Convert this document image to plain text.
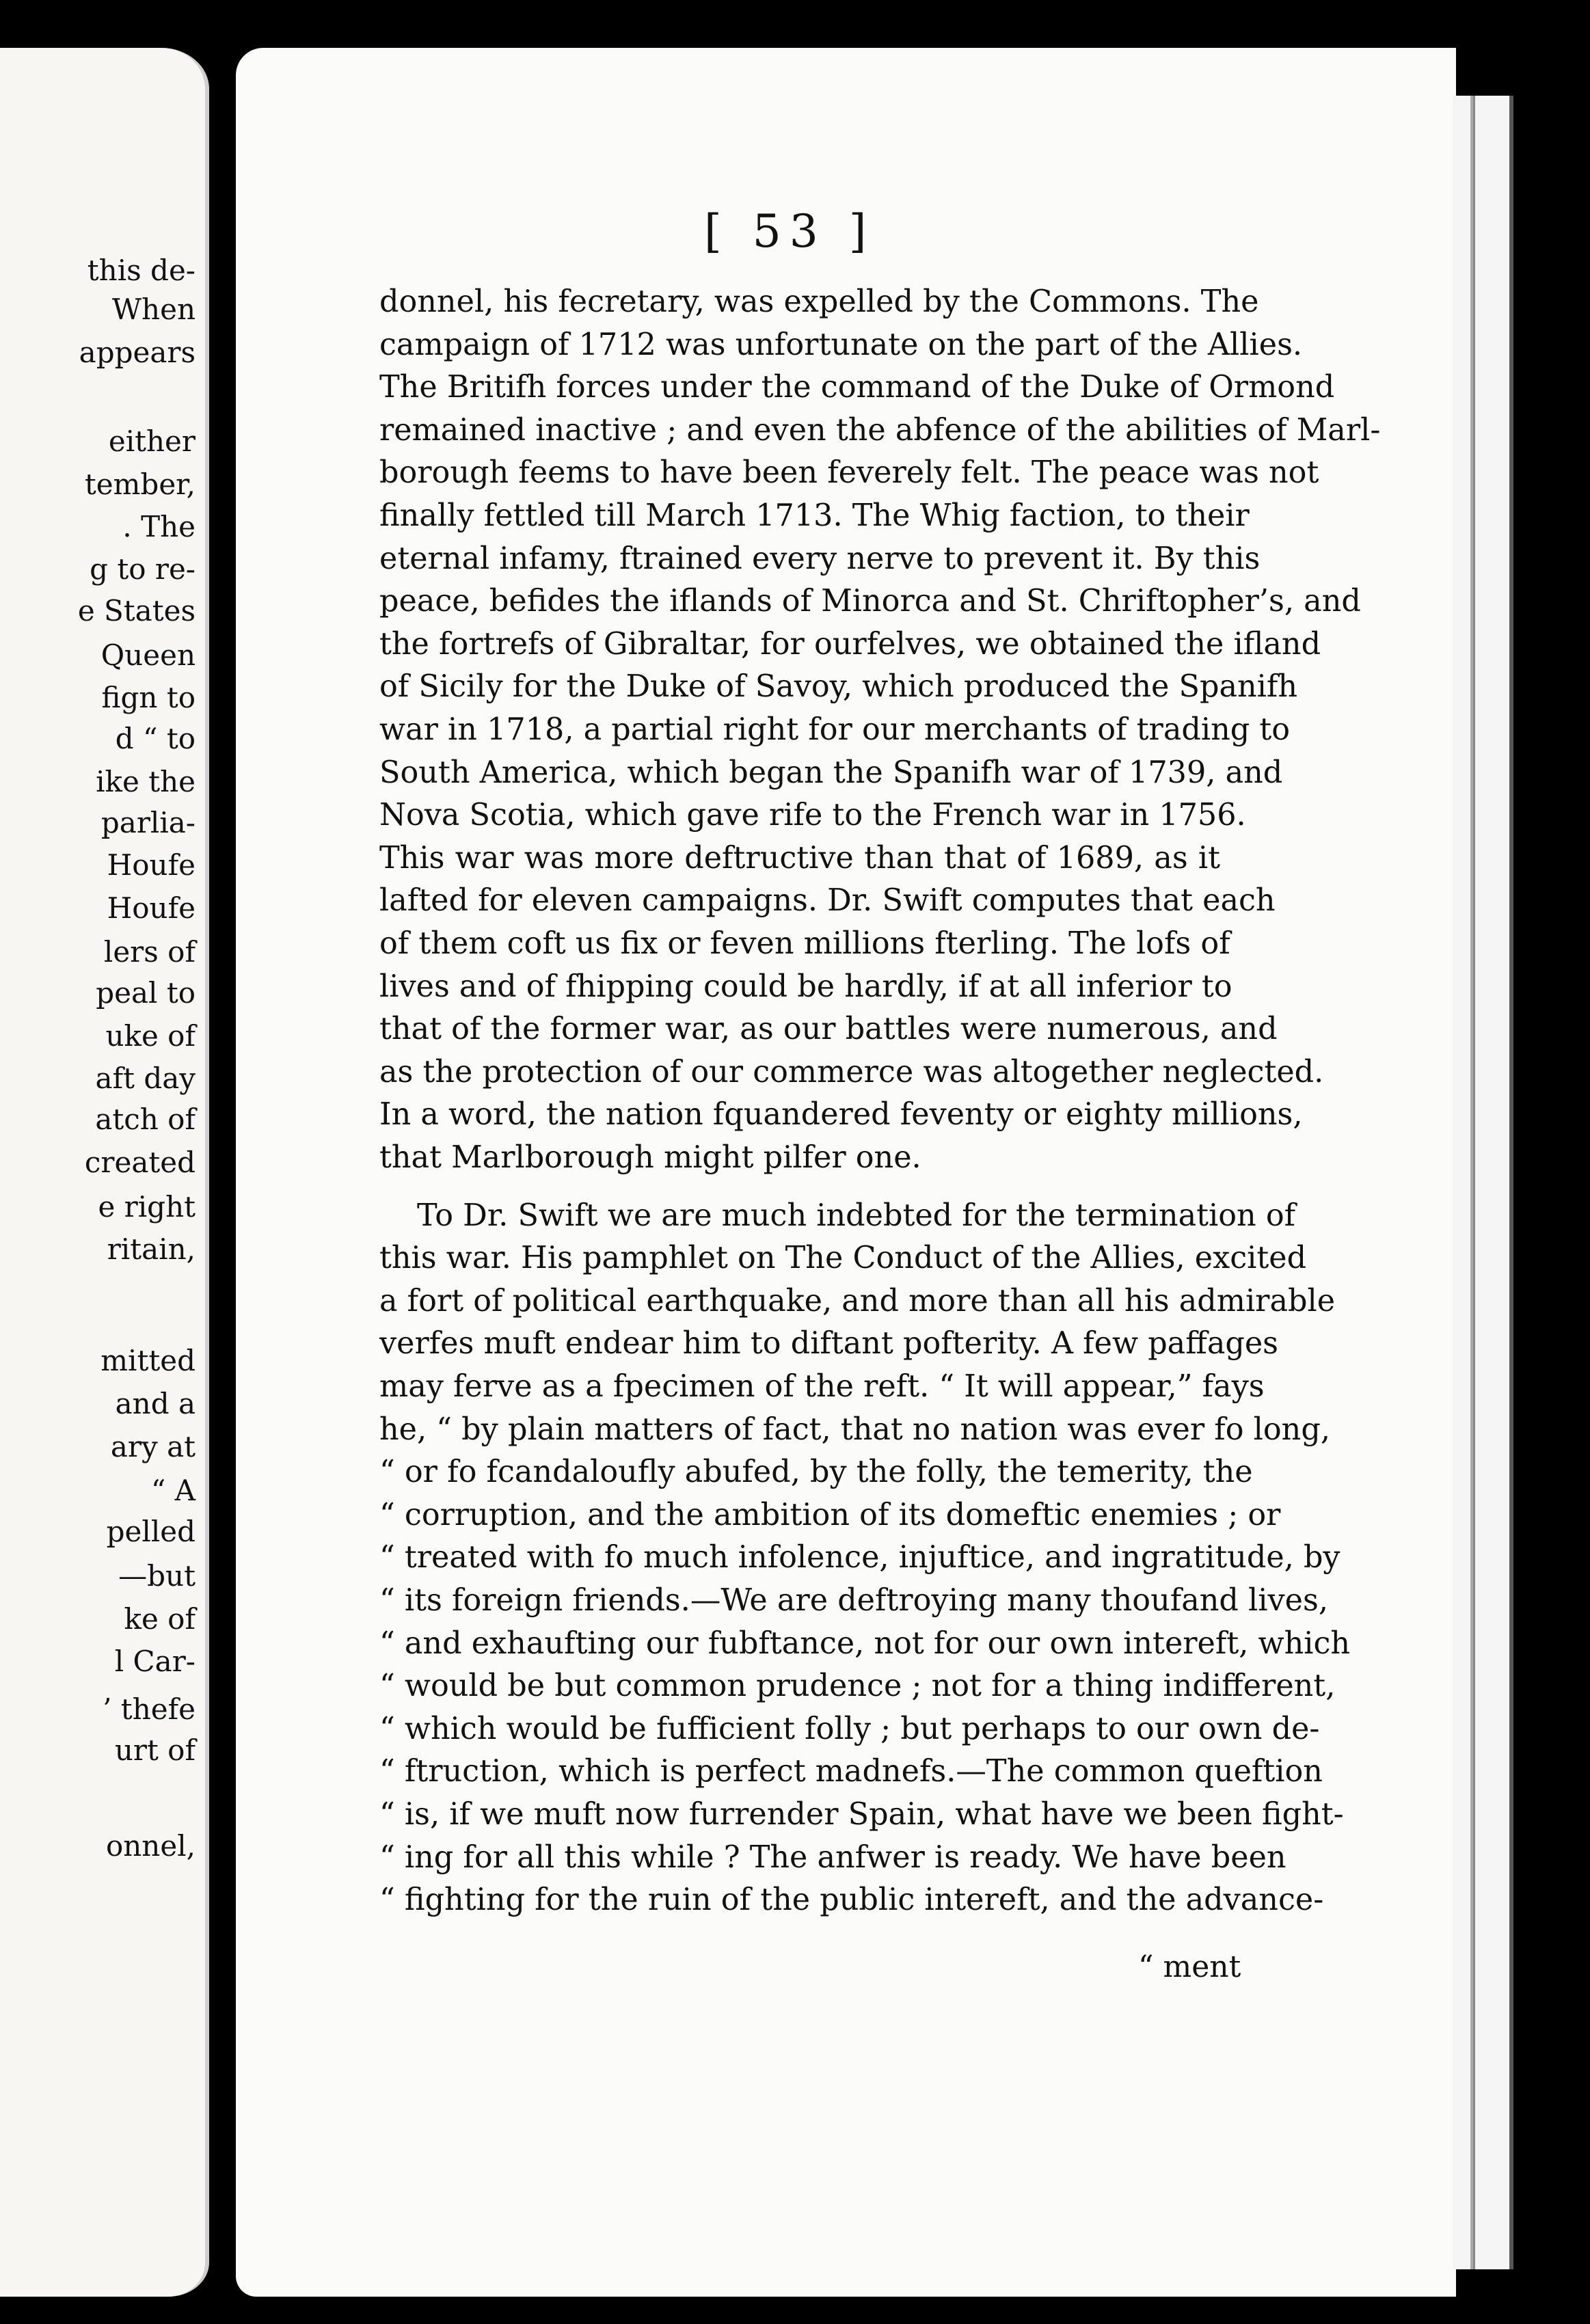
this de-
When
appears
either
tember,
. The
g to re-
e States
Queen
fign to
d “ to
ike the
parlia-
Houfe
Houfe
lers of
peal to
uke of
aft day
atch of
created
e right
ritain,
mitted
and a
ary at
“ A
pelled
—but
ke of
l Car-
’ thefe
urt of
onnel,
[ 53 ]
donnel, his fecretary, was expelled by the Commons. The
campaign of 1712 was unfortunate on the part of the Allies.
The Britifh forces under the command of the Duke of Ormond
remained inactive ; and even the abfence of the abilities of Marl-
borough feems to have been feverely felt. The peace was not
finally fettled till March 1713. The Whig faction, to their
eternal infamy, ftrained every nerve to prevent it. By this
peace, befides the iflands of Minorca and St. Chriftopher’s, and
the fortrefs of Gibraltar, for ourfelves, we obtained the ifland
of Sicily for the Duke of Savoy, which produced the Spanifh
war in 1718, a partial right for our merchants of trading to
South America, which began the Spanifh war of 1739, and
Nova Scotia, which gave rife to the French war in 1756.
This war was more deftructive than that of 1689, as it
lafted for eleven campaigns. Dr. Swift computes that each
of them coft us fix or feven millions fterling. The lofs of
lives and of fhipping could be hardly, if at all inferior to
that of the former war, as our battles were numerous, and
as the protection of our commerce was altogether neglected.
In a word, the nation fquandered feventy or eighty millions,
that Marlborough might pilfer one.
To Dr. Swift we are much indebted for the termination of
this war. His pamphlet on The Conduct of the Allies, excited
a fort of political earthquake, and more than all his admirable
verfes muft endear him to diftant pofterity. A few paffages
may ferve as a fpecimen of the reft. “ It will appear,” fays
he, “ by plain matters of fact, that no nation was ever fo long,
“ or fo fcandaloufly abufed, by the folly, the temerity, the
“ corruption, and the ambition of its domeftic enemies ; or
“ treated with fo much infolence, injuftice, and ingratitude, by
“ its foreign friends.—We are deftroying many thoufand lives,
“ and exhaufting our fubftance, not for our own intereft, which
“ would be but common prudence ; not for a thing indifferent,
“ which would be fufficient folly ; but perhaps to our own de-
“ ftruction, which is perfect madnefs.—The common queftion
“ is, if we muft now furrender Spain, what have we been fight-
“ ing for all this while ? The anfwer is ready. We have been
“ fighting for the ruin of the public intereft, and the advance-
“ ment
